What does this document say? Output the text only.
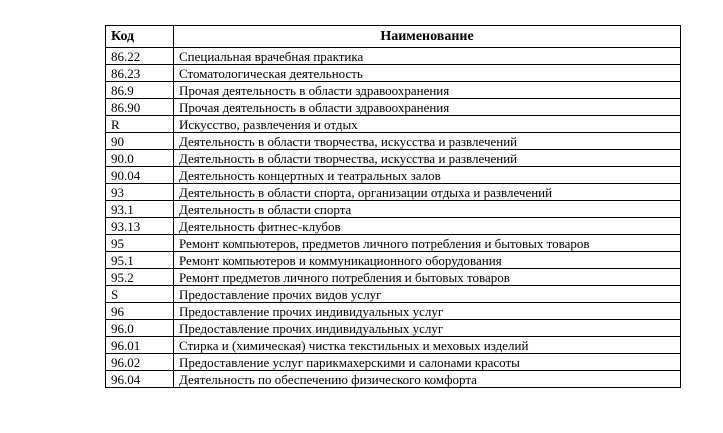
Код	Наименование
86.22	Специальная врачебная практика
86.23	Стоматологическая деятельность
86.9	Прочая деятельность в области здравоохранения
86.90	Прочая деятельность в области здравоохранения
R	Искусство, развлечения и отдых
90	Деятельность в области творчества, искусства и развлечений
90.0	Деятельность в области творчества, искусства и развлечений
90.04	Деятельность концертных и театральных залов
93	Деятельность в области спорта, организации отдыха и развлечений
93.1	Деятельность в области спорта
93.13	Деятельность фитнес-клубов
95	Ремонт компьютеров, предметов личного потребления и бытовых товаров
95.1	Ремонт компьютеров и коммуникационного оборудования
95.2	Ремонт предметов личного потребления и бытовых товаров
S	Предоставление прочих видов услуг
96	Предоставление прочих индивидуальных услуг
96.0	Предоставление прочих индивидуальных услуг
96.01	Стирка и (химическая) чистка текстильных и меховых изделий
96.02	Предоставление услуг парикмахерскими и салонами красоты
96.04	Деятельность по обеспечению физического комфорта
